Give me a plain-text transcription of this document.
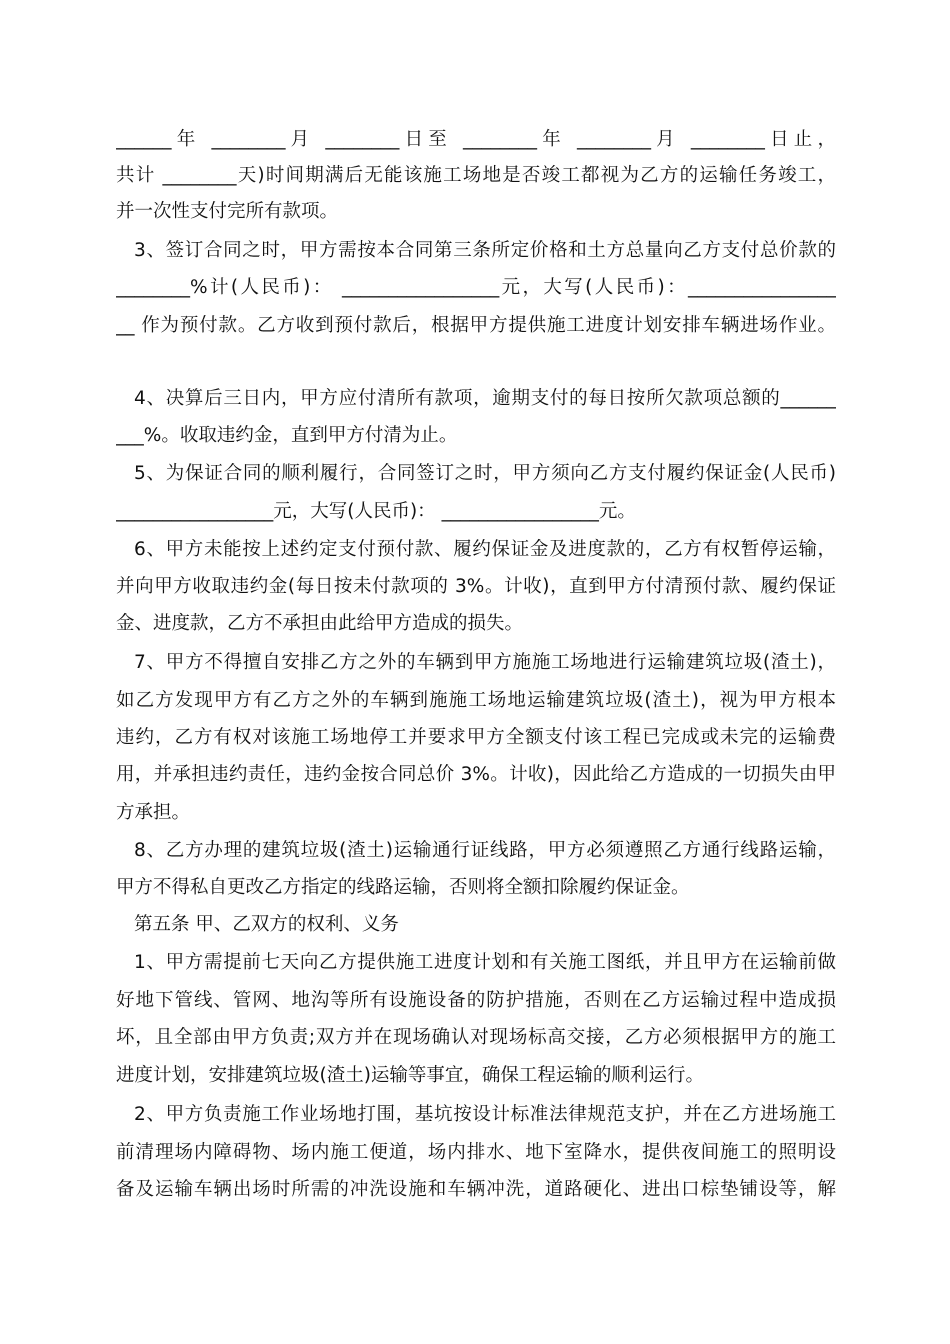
______年 ________月 ________日至 ________年 ________月 ________日止，
共计 ________天)时间期满后无能该施工场地是否竣工都视为乙方的运输任务竣工，
并一次性支付完所有款项。
3、签订合同之时，甲方需按本合同第三条所定价格和土方总量向乙方支付总价款的
________%计(人民币)： _________________元，大写(人民币)：________________
__ 作为预付款。乙方收到预付款后，根据甲方提供施工进度计划安排车辆进场作业。
4、决算后三日内，甲方应付清所有款项，逾期支付的每日按所欠款项总额的______
___%。收取违约金，直到甲方付清为止。
5、为保证合同的顺利履行，合同签订之时，甲方须向乙方支付履约保证金(人民币)
_________________元，大写(人民币)： _________________元。
6、甲方未能按上述约定支付预付款、履约保证金及进度款的，乙方有权暂停运输，
并向甲方收取违约金(每日按未付款项的 3%。计收)，直到甲方付清预付款、履约保证
金、进度款，乙方不承担由此给甲方造成的损失。
7、甲方不得擅自安排乙方之外的车辆到甲方施施工场地进行运输建筑垃圾(渣土)，
如乙方发现甲方有乙方之外的车辆到施施工场地运输建筑垃圾(渣土)，视为甲方根本
违约，乙方有权对该施工场地停工并要求甲方全额支付该工程已完成或未完的运输费
用，并承担违约责任，违约金按合同总价 3%。计收)，因此给乙方造成的一切损失由甲
方承担。
8、乙方办理的建筑垃圾(渣土)运输通行证线路，甲方必须遵照乙方通行线路运输，
甲方不得私自更改乙方指定的线路运输，否则将全额扣除履约保证金。
第五条 甲、乙双方的权利、义务
1、甲方需提前七天向乙方提供施工进度计划和有关施工图纸，并且甲方在运输前做
好地下管线、管网、地沟等所有设施设备的防护措施，否则在乙方运输过程中造成损
坏，且全部由甲方负责;双方并在现场确认对现场标高交接，乙方必须根据甲方的施工
进度计划，安排建筑垃圾(渣土)运输等事宜，确保工程运输的顺利运行。
2、甲方负责施工作业场地打围，基坑按设计标准法律规范支护，并在乙方进场施工
前清理场内障碍物、场内施工便道，场内排水、地下室降水，提供夜间施工的照明设
备及运输车辆出场时所需的冲洗设施和车辆冲洗，道路硬化、进出口棕垫铺设等，解
